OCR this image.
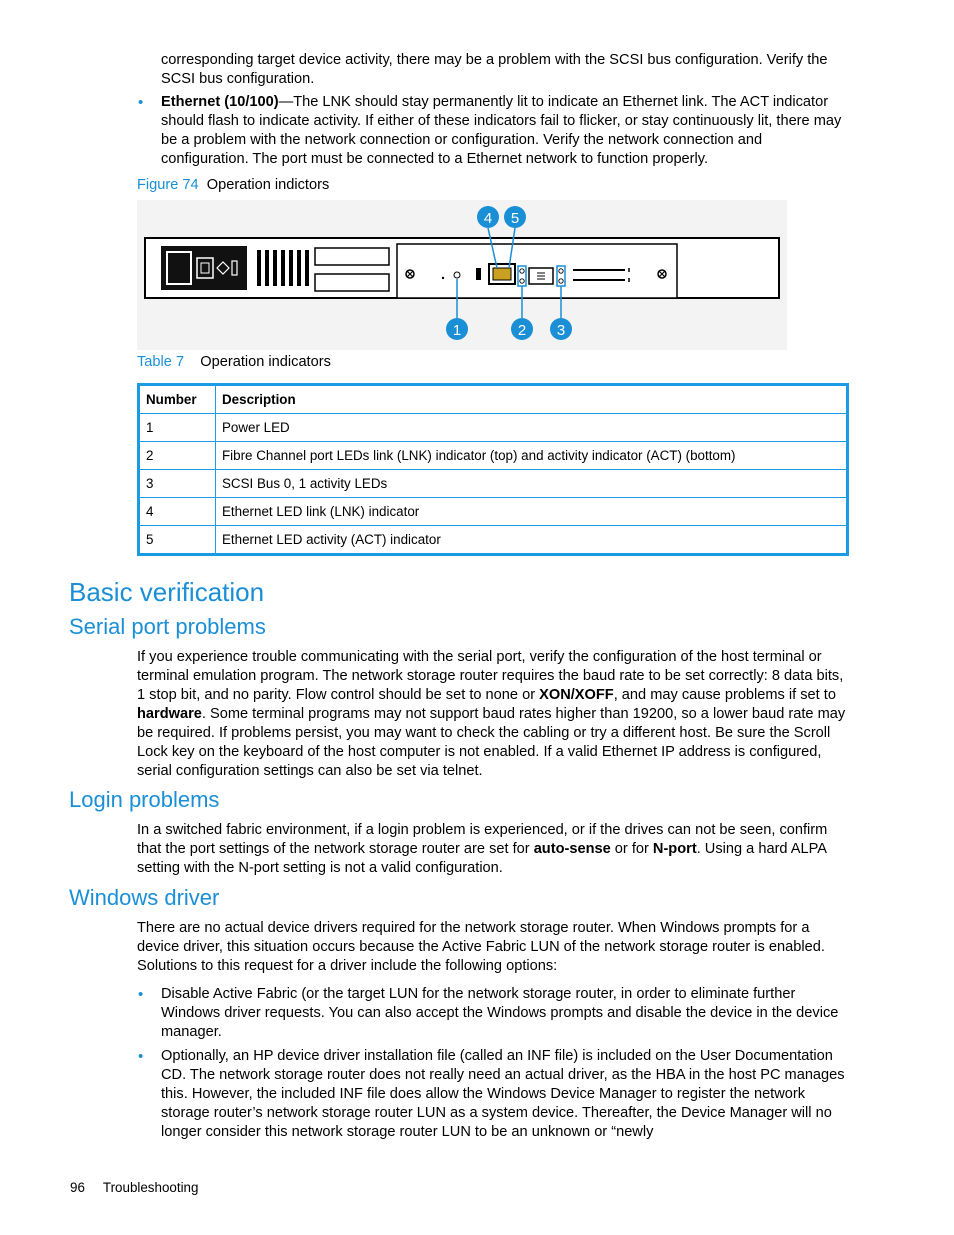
corresponding target device activity, there may be a problem with the SCSI bus configuration. Verify the SCSI bus configuration.

• Ethernet (10/100)—The LNK should stay permanently lit to indicate an Ethernet link. The ACT indicator should flash to indicate activity. If either of these indicators fail to flicker, or stay continuously lit, there may be a problem with the network connection or configuration. Verify the network connection and configuration. The port must be connected to a Ethernet network to function properly.
Figure 74 Operation indictors
4 5
1	2 3
Table 7 Operation indicators
Number	Description
1	Power LED
2	Fibre Channel port LEDs link (LNK) indicator (top) and activity indicator (ACT) (bottom)
3	SCSI Bus 0, 1 activity LEDs
4	Ethernet LED link (LNK) indicator
5	Ethernet LED activity (ACT) indicator
Basic verification
Serial port problems

If you experience trouble communicating with the serial port, verify the configuration of the host terminal or terminal emulation program. The network storage router requires the baud rate to be set correctly: 8 data bits, 1 stop bit, and no parity. Flow control should be set to none or XON/XOFF, and may cause problems if set to hardware. Some terminal programs may not support baud rates higher than 19200, so a lower baud rate may be required. If problems persist, you may want to check the cabling or try a different host. Be sure the Scroll Lock key on the keyboard of the host computer is not enabled. If a valid Ethernet IP address is configured, serial configuration settings can also be set via telnet.

Login problems

In a switched fabric environment, if a login problem is experienced, or if the drives can not be seen, confirm that the port settings of the network storage router are set for auto-sense or for N-port. Using a hard ALPA setting with the N-port setting is not a valid configuration.

Windows driver

There are no actual device drivers required for the network storage router. When Windows prompts for a device driver, this situation occurs because the Active Fabric LUN of the network storage router is enabled. Solutions to this request for a driver include the following options:

• Disable Active Fabric (or the target LUN for the network storage router, in order to eliminate further Windows driver requests. You can also accept the Windows prompts and disable the device in the device manager.
• Optionally, an HP device driver installation file (called an INF file) is included on the User Documentation CD. The network storage router does not really need an actual driver, as the HBA in the host PC manages this. However, the included INF file does allow the Windows Device Manager to register the network storage router’s network storage router LUN as a system device. Thereafter, the Device Manager will no longer consider this network storage router LUN to be an unknown or “newly
96 Troubleshooting
